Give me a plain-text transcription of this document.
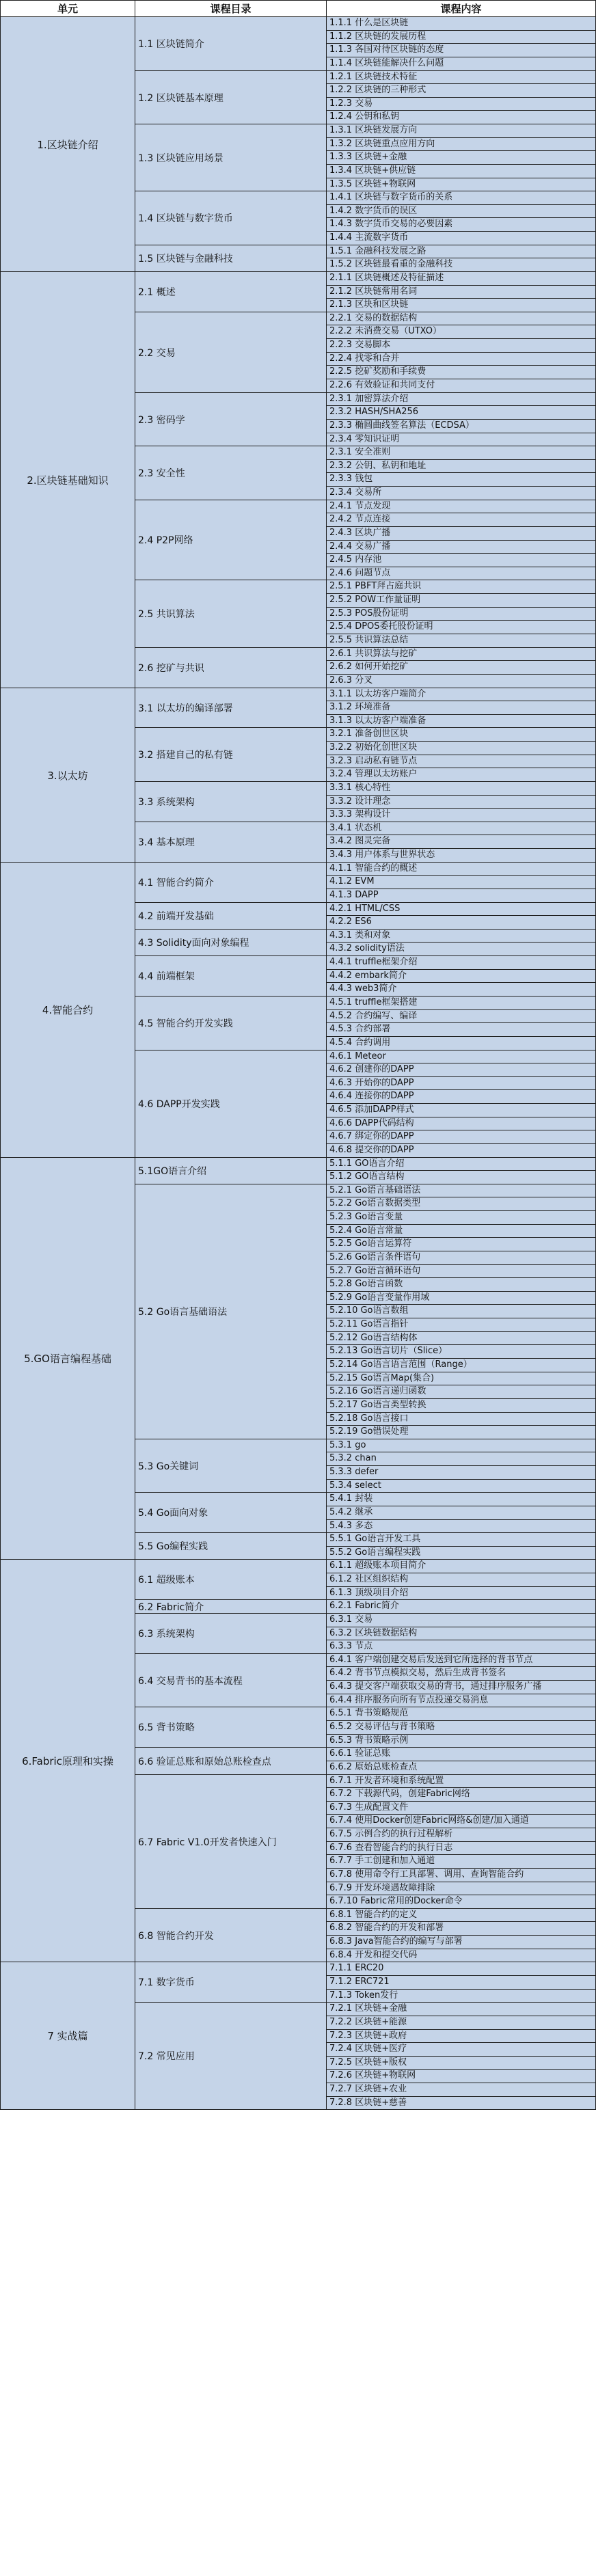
单元	课程目录	课程内容
1.1.1 什么是区块链
1.1.2 区块链的发展历程
1.1.3 各国对待区块链的态度
1.1.4 区块链能解决什么问题
1.1 区块链简介
1.2.1 区块链技术特征
1.2.2 区块链的三种形式
1.2.3 交易
1.2.4 公钥和私钥
1.2 区块链基本原理
1.3.1 区块链发展方向
1.3.2 区块链重点应用方向
1.3.3 区块链+金融
1.3.4 区块链+供应链
1.3.5 区块链+物联网
1.3 区块链应用场景
1.4.1 区块链与数字货币的关系
1.4.2 数字货币的误区
1.4.3 数字货币交易的必要因素
1.4.4 主流数字货币
1.4 区块链与数字货币
1.5.1 金融科技发展之路
1.5.2 区块链最看重的金融科技
1.5 区块链与金融科技
1.区块链介绍
2.1.1 区块链概述及特征描述
2.1.2 区块链常用名词
2.1.3 区块和区块链
2.1 概述
2.2.1 交易的数据结构
2.2.2 未消费交易（UTXO）
2.2.3 交易脚本
2.2.4 找零和合并
2.2.5 挖矿奖励和手续费
2.2.6 有效验证和共同支付
2.2 交易
2.3.1 加密算法介绍
2.3.2 HASH/SHA256
2.3.3 椭圆曲线签名算法（ECDSA）
2.3.4 零知识证明
2.3 密码学
2.3.1 安全准则
2.3.2 公钥、私钥和地址
2.3.3 钱包
2.3.4 交易所
2.3 安全性
2.4.1 节点发现
2.4.2 节点连接
2.4.3 区块广播
2.4.4 交易广播
2.4.5 内存池
2.4.6 问题节点
2.4 P2P网络
2.5.1 PBFT拜占庭共识
2.5.2 POW工作量证明
2.5.3 POS股份证明
2.5.4 DPOS委托股份证明
2.5.5 共识算法总结
2.5 共识算法
2.6.1 共识算法与挖矿
2.6.2 如何开始挖矿
2.6.3 分叉
2.6 挖矿与共识
2.区块链基础知识
3.1.1 以太坊客户端简介
3.1.2 环境准备
3.1.3 以太坊客户端准备
3.1 以太坊的编译部署
3.2.1 准备创世区块
3.2.2 初始化创世区块
3.2.3 启动私有链节点
3.2.4 管理以太坊账户
3.2 搭建自己的私有链
3.3.1 核心特性
3.3.2 设计理念
3.3.3 架构设计
3.3 系统架构
3.4.1 状态机
3.4.2 图灵完备
3.4.3 用户体系与世界状态
3.4 基本原理
3.以太坊
4.1.1 智能合约的概述
4.1.2 EVM
4.1.3 DAPP
4.1 智能合约简介
4.2.1 HTML/CSS
4.2.2 ES6
4.2 前端开发基础
4.3.1 类和对象
4.3.2 solidity语法
4.3 Solidity面向对象编程
4.4.1 truffle框架介绍
4.4.2 embark简介
4.4.3 web3简介
4.4 前端框架
4.5.1 truffle框架搭建
4.5.2 合约编写、编译
4.5.3 合约部署
4.5.4 合约调用
4.5 智能合约开发实践
4.6.1 Meteor
4.6.2 创建你的DAPP
4.6.3 开始你的DAPP
4.6.4 连接你的DAPP
4.6.5 添加DAPP样式
4.6.6 DAPP代码结构
4.6.7 绑定你的DAPP
4.6.8 提交你的DAPP
4.6 DAPP开发实践
4.智能合约
5.1.1 GO语言介绍
5.1.2 GO语言结构
5.1GO语言介绍
5.2.1 Go语言基础语法
5.2.2 Go语言数据类型
5.2.3 Go语言变量
5.2.4 Go语言常量
5.2.5 Go语言运算符
5.2.6 Go语言条件语句
5.2.7 Go语言循环语句
5.2.8 Go语言函数
5.2.9 Go语言变量作用域
5.2.10 Go语言数组
5.2.11 Go语言指针
5.2.12 Go语言结构体
5.2.13 Go语言切片（Slice）
5.2.14 Go语言语言范围（Range）
5.2.15 Go语言Map(集合)
5.2.16 Go语言递归函数
5.2.17 Go语言类型转换
5.2.18 Go语言接口
5.2.19 Go错误处理
5.2 Go语言基础语法
5.3.1 go
5.3.2 chan
5.3.3 defer
5.3.4 select
5.3 Go关键词
5.4.1 封装
5.4.2 继承
5.4.3 多态
5.4 Go面向对象
5.5.1 Go语言开发工具
5.5.2 Go语言编程实践
5.5 Go编程实践
5.GO语言编程基础
6.1.1 超级账本项目简介
6.1.2 社区组织结构
6.1.3 顶级项目介绍
6.1 超级账本
6.2.1 Fabric简介
6.2 Fabric简介
6.3.1 交易
6.3.2 区块链数据结构
6.3.3 节点
6.3 系统架构
6.4.1 客户端创建交易后发送到它所选择的背书节点
6.4.2 背书节点模拟交易，然后生成背书签名
6.4.3 提交客户端获取交易的背书，通过排序服务广播
6.4.4 排序服务向所有节点投递交易消息
6.4 交易背书的基本流程
6.5.1 背书策略规范
6.5.2 交易评估与背书策略
6.5.3 背书策略示例
6.5 背书策略
6.6.1 验证总账
6.6.2 原始总账检查点
6.6 验证总账和原始总账检查点
6.7.1 开发者环境和系统配置
6.7.2 下载源代码，创建Fabric网络
6.7.3 生成配置文件
6.7.4 使用Docker创建Fabric网络&创建/加入通道
6.7.5 示例合约的执行过程解析
6.7.6 查看智能合约的执行日志
6.7.7 手工创建和加入通道
6.7.8 使用命令行工具部署、调用、查询智能合约
6.7.9 开发环境遇故障排除
6.7.10 Fabric常用的Docker命令
6.7 Fabric V1.0开发者快速入门
6.8.1 智能合约的定义
6.8.2 智能合约的开发和部署
6.8.3 Java智能合约的编写与部署
6.8.4 开发和提交代码
6.8 智能合约开发
6.Fabric原理和实操
7.1.1 ERC20
7.1.2 ERC721
7.1.3 Token发行
7.1 数字货币
7.2.1 区块链+金融
7.2.2 区块链+能源
7.2.3 区块链+政府
7.2.4 区块链+医疗
7.2.5 区块链+版权
7.2.6 区块链+物联网
7.2.7 区块链+农业
7.2.8 区块链+慈善
7.2 常见应用
7 实战篇
